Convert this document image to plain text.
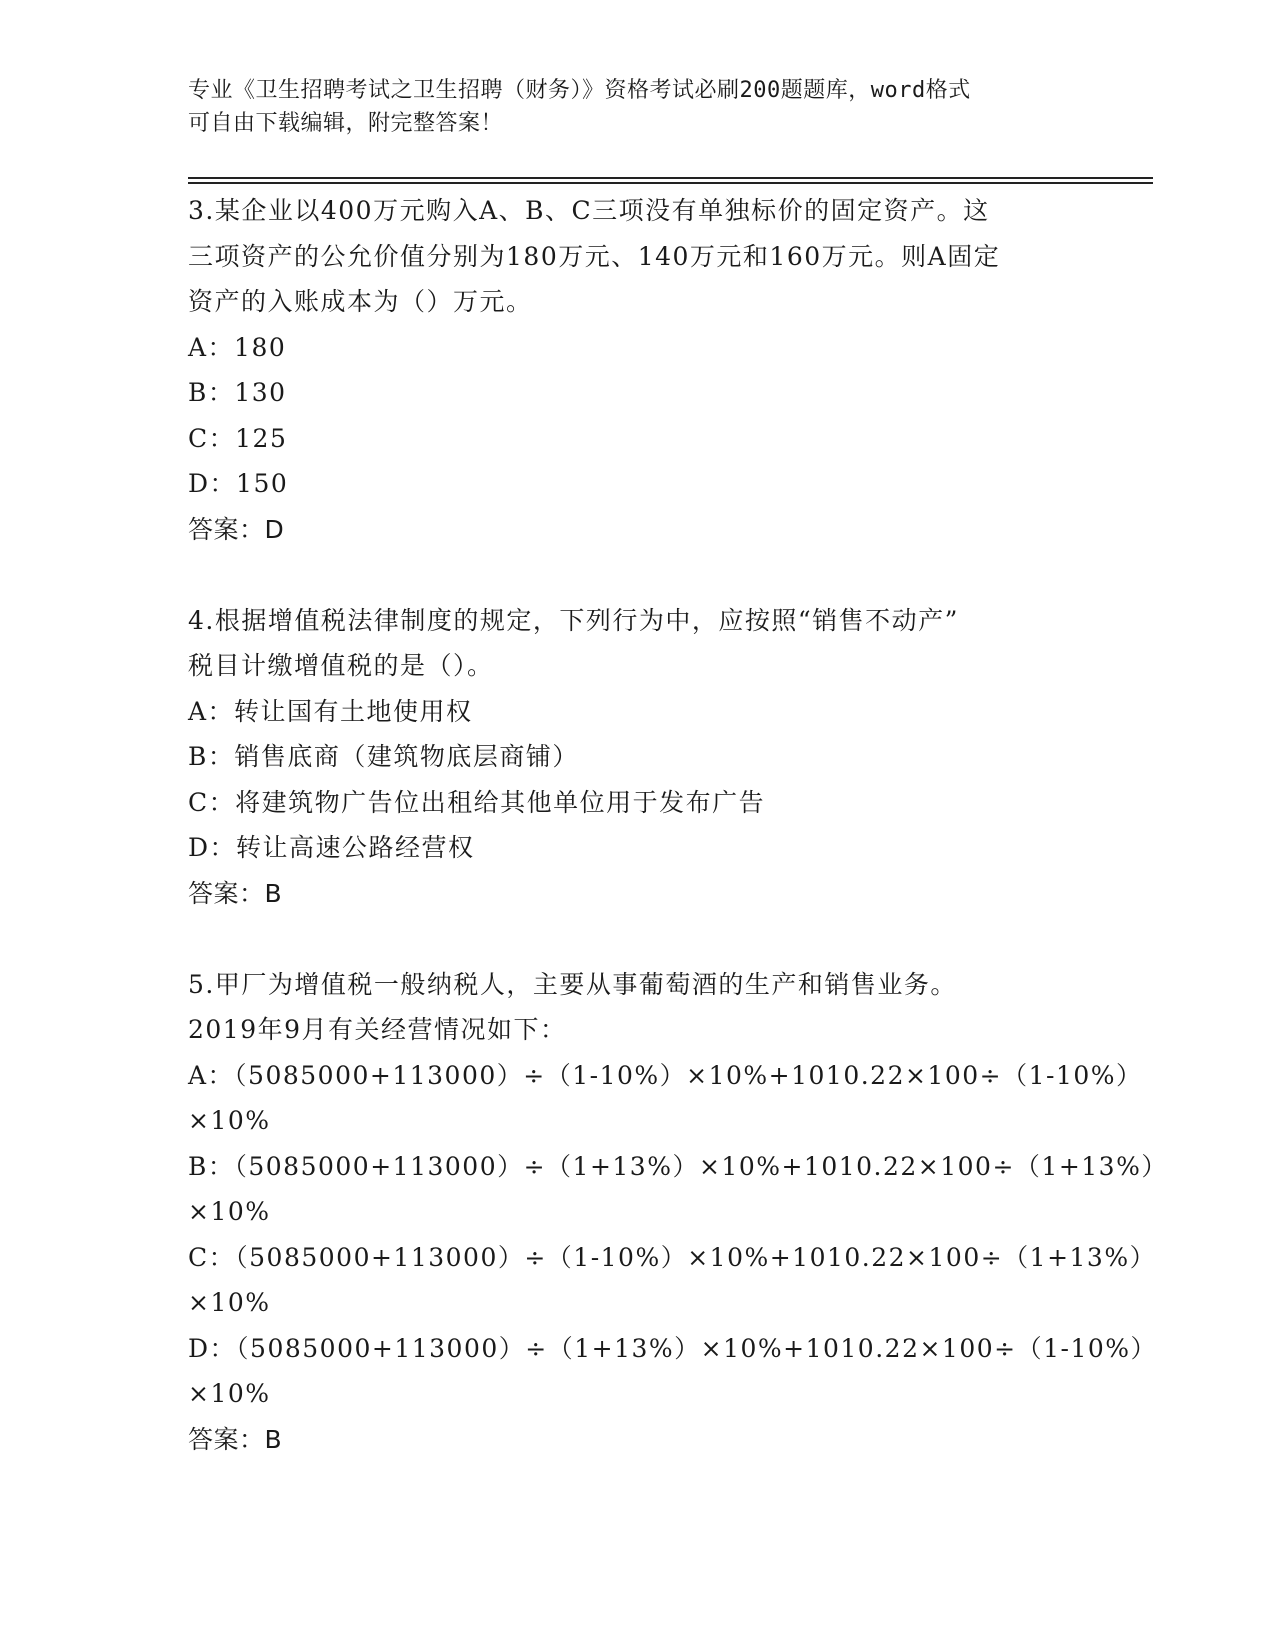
专业《卫生招聘考试之卫生招聘（财务）》资格考试必刷200题题库，word格式
可自由下载编辑，附完整答案！
3.某企业以400万元购入A、B、C三项没有单独标价的固定资产。这
三项资产的公允价值分别为180万元、140万元和160万元。则A固定
资产的入账成本为（）万元。
A：180
B：130
C：125
D：150
答案：D
4.根据增值税法律制度的规定，下列行为中，应按照“销售不动产”
税目计缴增值税的是（）。
A：转让国有土地使用权
B：销售底商（建筑物底层商铺）
C：将建筑物广告位出租给其他单位用于发布广告
D：转让高速公路经营权
答案：B
5.甲厂为增值税一般纳税人，主要从事葡萄酒的生产和销售业务。
2019年9月有关经营情况如下：
A：（5085000+113000）÷（1-10%）×10%+1010.22×100÷（1-10%）
×10%
B：（5085000+113000）÷（1+13%）×10%+1010.22×100÷（1+13%）
×10%
C：（5085000+113000）÷（1-10%）×10%+1010.22×100÷（1+13%）
×10%
D：（5085000+113000）÷（1+13%）×10%+1010.22×100÷（1-10%）
×10%
答案：B
